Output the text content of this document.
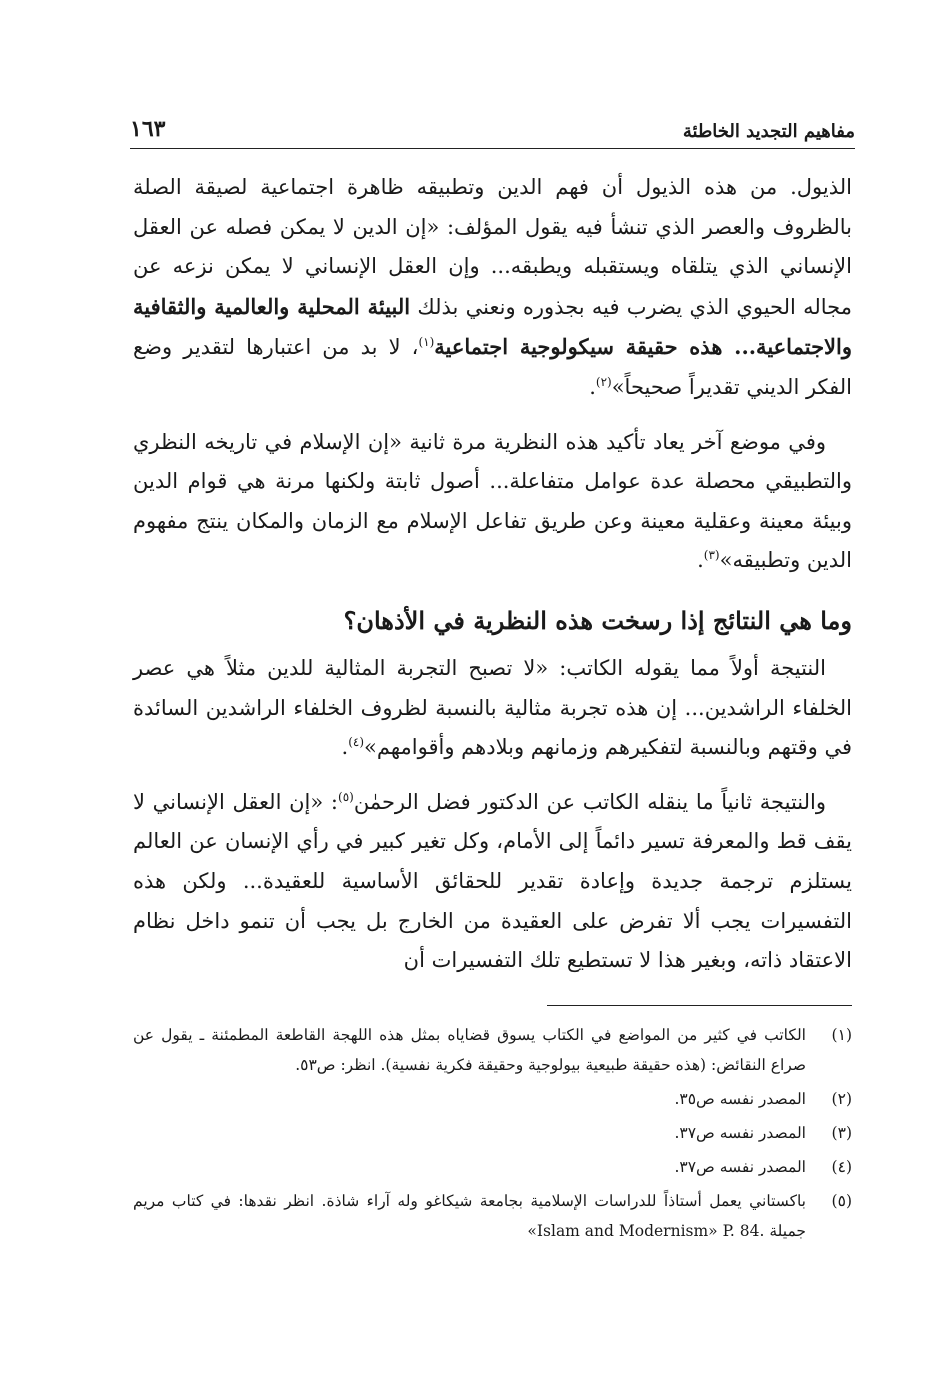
مفاهيم التجديد الخاطئة
١٦٣

الذيول. من هذه الذيول أن فهم الدين وتطبيقه ظاهرة اجتماعية لصيقة الصلة بالظروف والعصر الذي تنشأ فيه يقول المؤلف: «إن الدين لا يمكن فصله عن العقل الإنساني الذي يتلقاه ويستقبله ويطبقه... وإن العقل الإنساني لا يمكن نزعه عن مجاله الحيوي الذي يضرب فيه بجذوره ونعني بذلك البيئة المحلية والعالمية والثقافية والاجتماعية... هذه حقيقة سيكولوجية اجتماعية$^{(١)}$، لا بد من اعتبارها لتقدير وضع الفكر الديني تقديراً صحيحاً»$^{(٢)}$.

وفي موضع آخر يعاد تأكيد هذه النظرية مرة ثانية «إن الإسلام في تاريخه النظري والتطبيقي محصلة عدة عوامل متفاعلة... أصول ثابتة ولكنها مرنة هي قوام الدين وبيئة معينة وعقلية معينة وعن طريق تفاعل الإسلام مع الزمان والمكان ينتج مفهوم الدين وتطبيقه»$^{(٣)}$.

وما هي النتائج إذا رسخت هذه النظرية في الأذهان؟

النتيجة أولاً مما يقوله الكاتب: «لا تصبح التجربة المثالية للدين مثلاً هي عصر الخلفاء الراشدين... إن هذه تجربة مثالية بالنسبة لظروف الخلفاء الراشدين السائدة في وقتهم وبالنسبة لتفكيرهم وزمانهم وبلادهم وأقوامهم»$^{(٤)}$.

والنتيجة ثانياً ما ينقله الكاتب عن الدكتور فضل الرحمٰن$^{(٥)}$: «إن العقل الإنساني لا يقف قط والمعرفة تسير دائماً إلى الأمام، وكل تغير كبير في رأي الإنسان عن العالم يستلزم ترجمة جديدة وإعادة تقدير للحقائق الأساسية للعقيدة... ولكن هذه التفسيرات يجب ألا تفرض على العقيدة من الخارج بل يجب أن تنمو داخل نظام الاعتقاد ذاته، وبغير هذا لا تستطيع تلك التفسيرات أن

(١)
الكاتب في كثير من المواضع في الكتاب يسوق قضاياه بمثل هذه اللهجة القاطعة المطمئنة ـ يقول عن صراع النقائض: (هذه حقيقة طبيعية بيولوجية وحقيقة فكرية نفسية). انظر: ص٥٣.
(٢)
المصدر نفسه ص٣٥.
(٣)
المصدر نفسه ص٣٧.
(٤)
المصدر نفسه ص٣٧.
(٥)
باكستاني يعمل أستاذاً للدراسات الإسلامية بجامعة شيكاغو وله آراء شاذة. انظر نقدها: في كتاب مريم جميلة «Islam and Modernism» P. 84.
